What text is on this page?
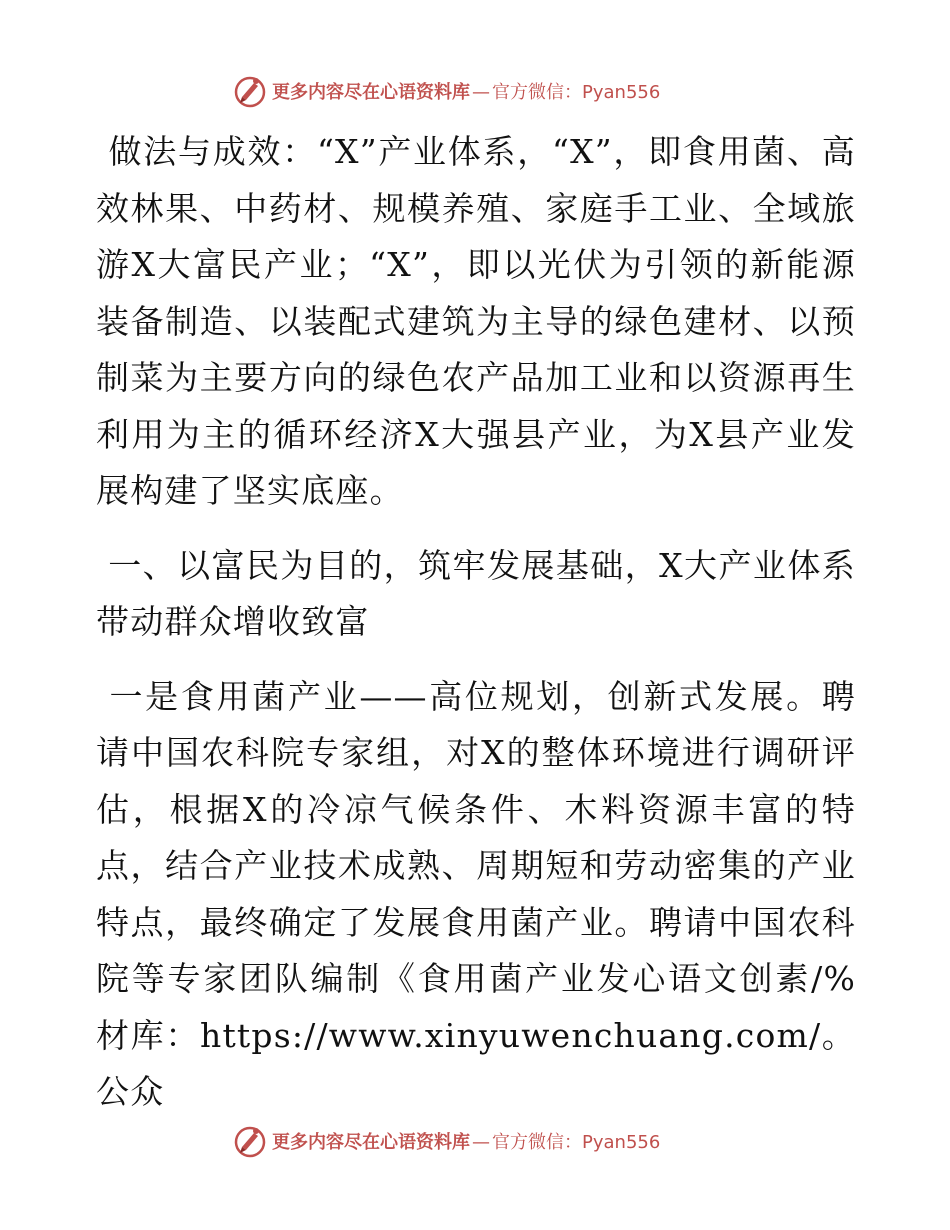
更多内容尽在心语资料库 — 官方微信：Pyan556

做法与成效：“X”产业体系，“X”，即食用菌、高效林果、中药材、规模养殖、家庭手工业、全域旅游X大富民产业；“X”，即以光伏为引领的新能源装备制造、以装配式建筑为主导的绿色建材、以预制菜为主要方向的绿色农产品加工业和以资源再生利用为主的循环经济X大强县产业，为X县产业发展构建了坚实底座。

一、以富民为目的，筑牢发展基础，X大产业体系带动群众增收致富

一是食用菌产业——高位规划，创新式发展。聘请中国农科院专家组，对X的整体环境进行调研评估，根据X的冷凉气候条件、木料资源丰富的特点，结合产业技术成熟、周期短和劳动密集的产业特点，最终确定了发展食用菌产业。聘请中国农科院等专家团队编制《食用菌产业发心语文创素/%材库：https://www.xinyuwenchuang.com/。公众

更多内容尽在心语资料库 — 官方微信：Pyan556
